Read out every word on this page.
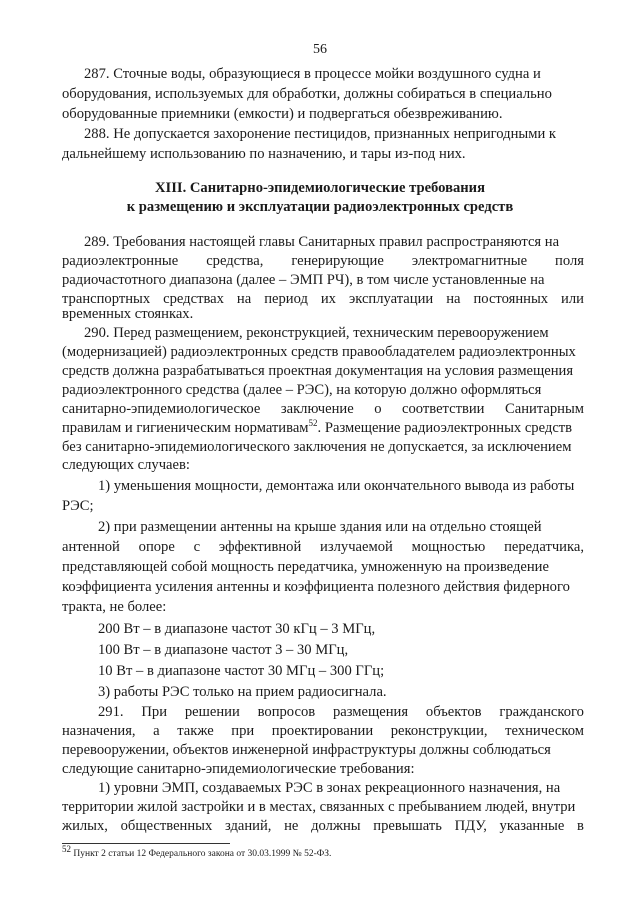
56
287. Сточные воды, образующиеся в процессе мойки воздушного судна и
оборудования, используемых для обработки, должны собираться в специально
оборудованные приемники (емкости) и подвергаться обезвреживанию.
288. Не допускается захоронение пестицидов, признанных непригодными к
дальнейшему использованию по назначению, и тары из-под них.
XIII. Санитарно-эпидемиологические требования
к размещению и эксплуатации радиоэлектронных средств
289. Требования настоящей главы Санитарных правил распространяются на
радиоэлектронные средства, генерирующие электромагнитные поля
радиочастотного диапазона (далее – ЭМП РЧ), в том числе установленные на
транспортных средствах на период их эксплуатации на постоянных или
временных стоянках.
290. Перед размещением, реконструкцией, техническим перевооружением
(модернизацией) радиоэлектронных средств правообладателем радиоэлектронных
средств должна разрабатываться проектная документация на условия размещения
радиоэлектронного средства (далее – РЭС), на которую должно оформляться
санитарно-эпидемиологическое заключение о соответствии Санитарным
правилам и гигиеническим нормативам$^{52}$. Размещение радиоэлектронных средств
без санитарно-эпидемиологического заключения не допускается, за исключением
следующих случаев:
1) уменьшения мощности, демонтажа или окончательного вывода из работы
РЭС;
2) при размещении антенны на крыше здания или на отдельно стоящей
антенной опоре с эффективной излучаемой мощностью передатчика,
представляющей собой мощность передатчика, умноженную на произведение
коэффициента усиления антенны и коэффициента полезного действия фидерного
тракта, не более:
200 Вт – в диапазоне частот 30 кГц – 3 МГц,
100 Вт – в диапазоне частот 3 – 30 МГц,
10 Вт – в диапазоне частот 30 МГц – 300 ГГц;
3) работы РЭС только на прием радиосигнала.
291. При решении вопросов размещения объектов гражданского
назначения, а также при проектировании реконструкции, техническом
перевооружении, объектов инженерной инфраструктуры должны соблюдаться
следующие санитарно-эпидемиологические требования:
1) уровни ЭМП, создаваемых РЭС в зонах рекреационного назначения, на
территории жилой застройки и в местах, связанных с пребыванием людей, внутри
жилых, общественных зданий, не должны превышать ПДУ, указанные в
$^{52}$ Пункт 2 статьи 12 Федерального закона от 30.03.1999 № 52-ФЗ.
